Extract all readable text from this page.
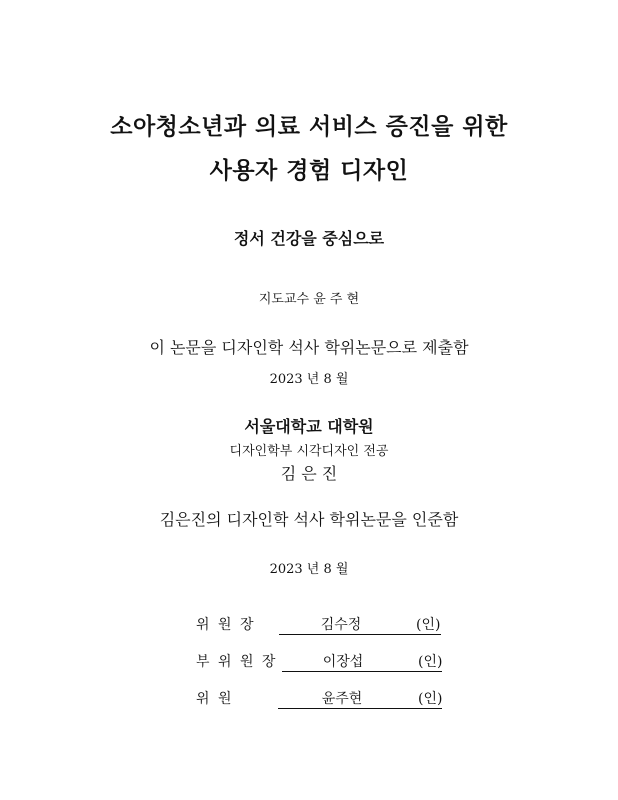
소아청소년과 의료 서비스 증진을 위한
사용자 경험 디자인
정서 건강을 중심으로
지도교수 윤 주 현
이 논문을 디자인학 석사 학위논문으로 제출함
2023 년 8 월
서울대학교 대학원
디자인학부 시각디자인 전공
김 은 진
김은진의 디자인학 석사 학위논문을 인준함
2023 년 8 월
위 원 장	김수정	(인)
부 위 원 장	이장섭	(인)
위 원	윤주현	(인)
